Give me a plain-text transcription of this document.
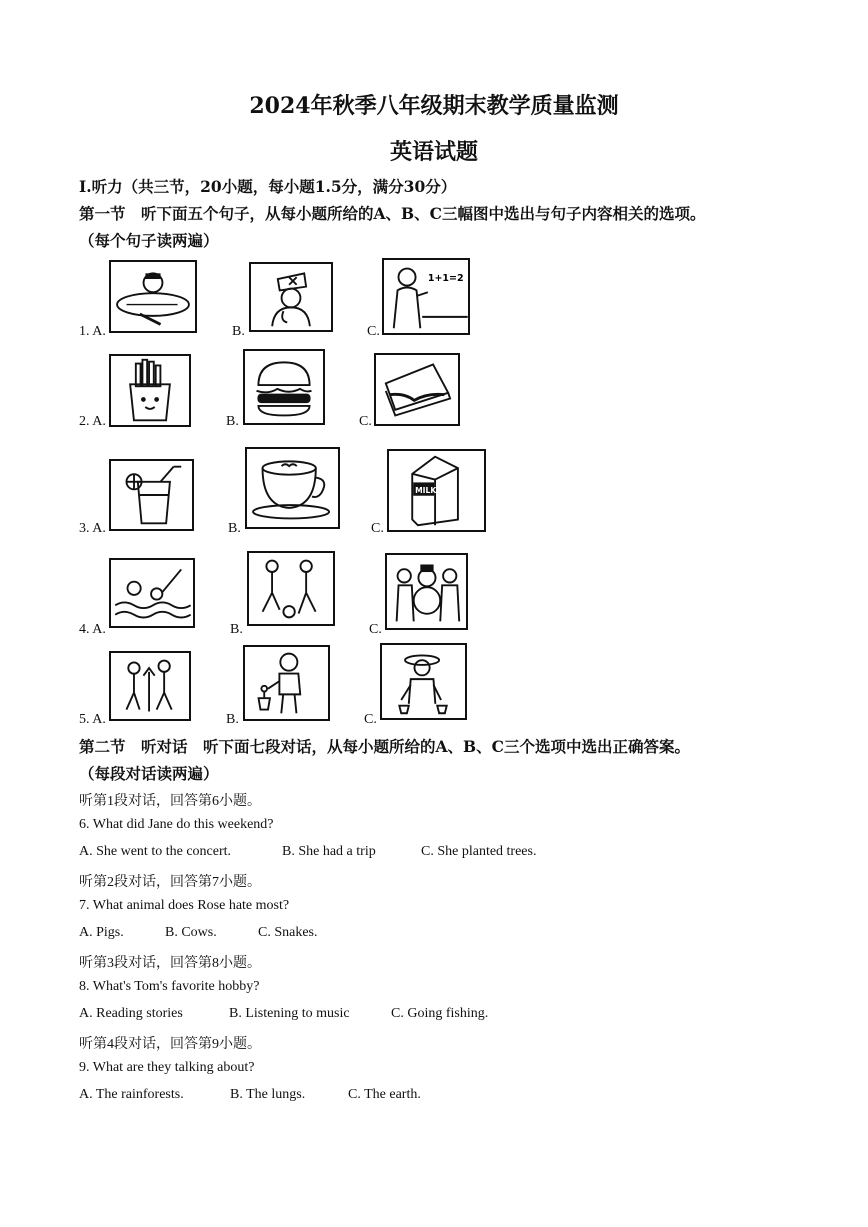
2024年秋季八年级期末教学质量监测
英语试题
Ⅰ.听力（共三节，20小题，每小题1.5分，满分30分）
第一节　听下面五个句子，从每小题所给的A、B、C三幅图中选出与句子内容相关的选项。
（每个句子读两遍）
1. A.	B.	C.
1+1=2
2. A.	B.	C.
3. A.	B.	C.
MILK
4. A.	B.	C.
5. A.	B.	C.
第二节　听对话　听下面七段对话，从每小题所给的A、B、C三个选项中选出正确答案。
（每段对话读两遍）
听第1段对话，回答第6小题。
6. What did Jane do this weekend?
A. She went to the concert.	B. She had a trip	C. She planted trees.
听第2段对话，回答第7小题。
7. What animal does Rose hate most?
A. Pigs.	B. Cows.	C. Snakes.
听第3段对话，回答第8小题。
8. What's Tom's favorite hobby?
A. Reading stories	B. Listening to music	C. Going fishing.
听第4段对话，回答第9小题。
9. What are they talking about?
A. The rainforests.	B. The lungs.	C. The earth.
